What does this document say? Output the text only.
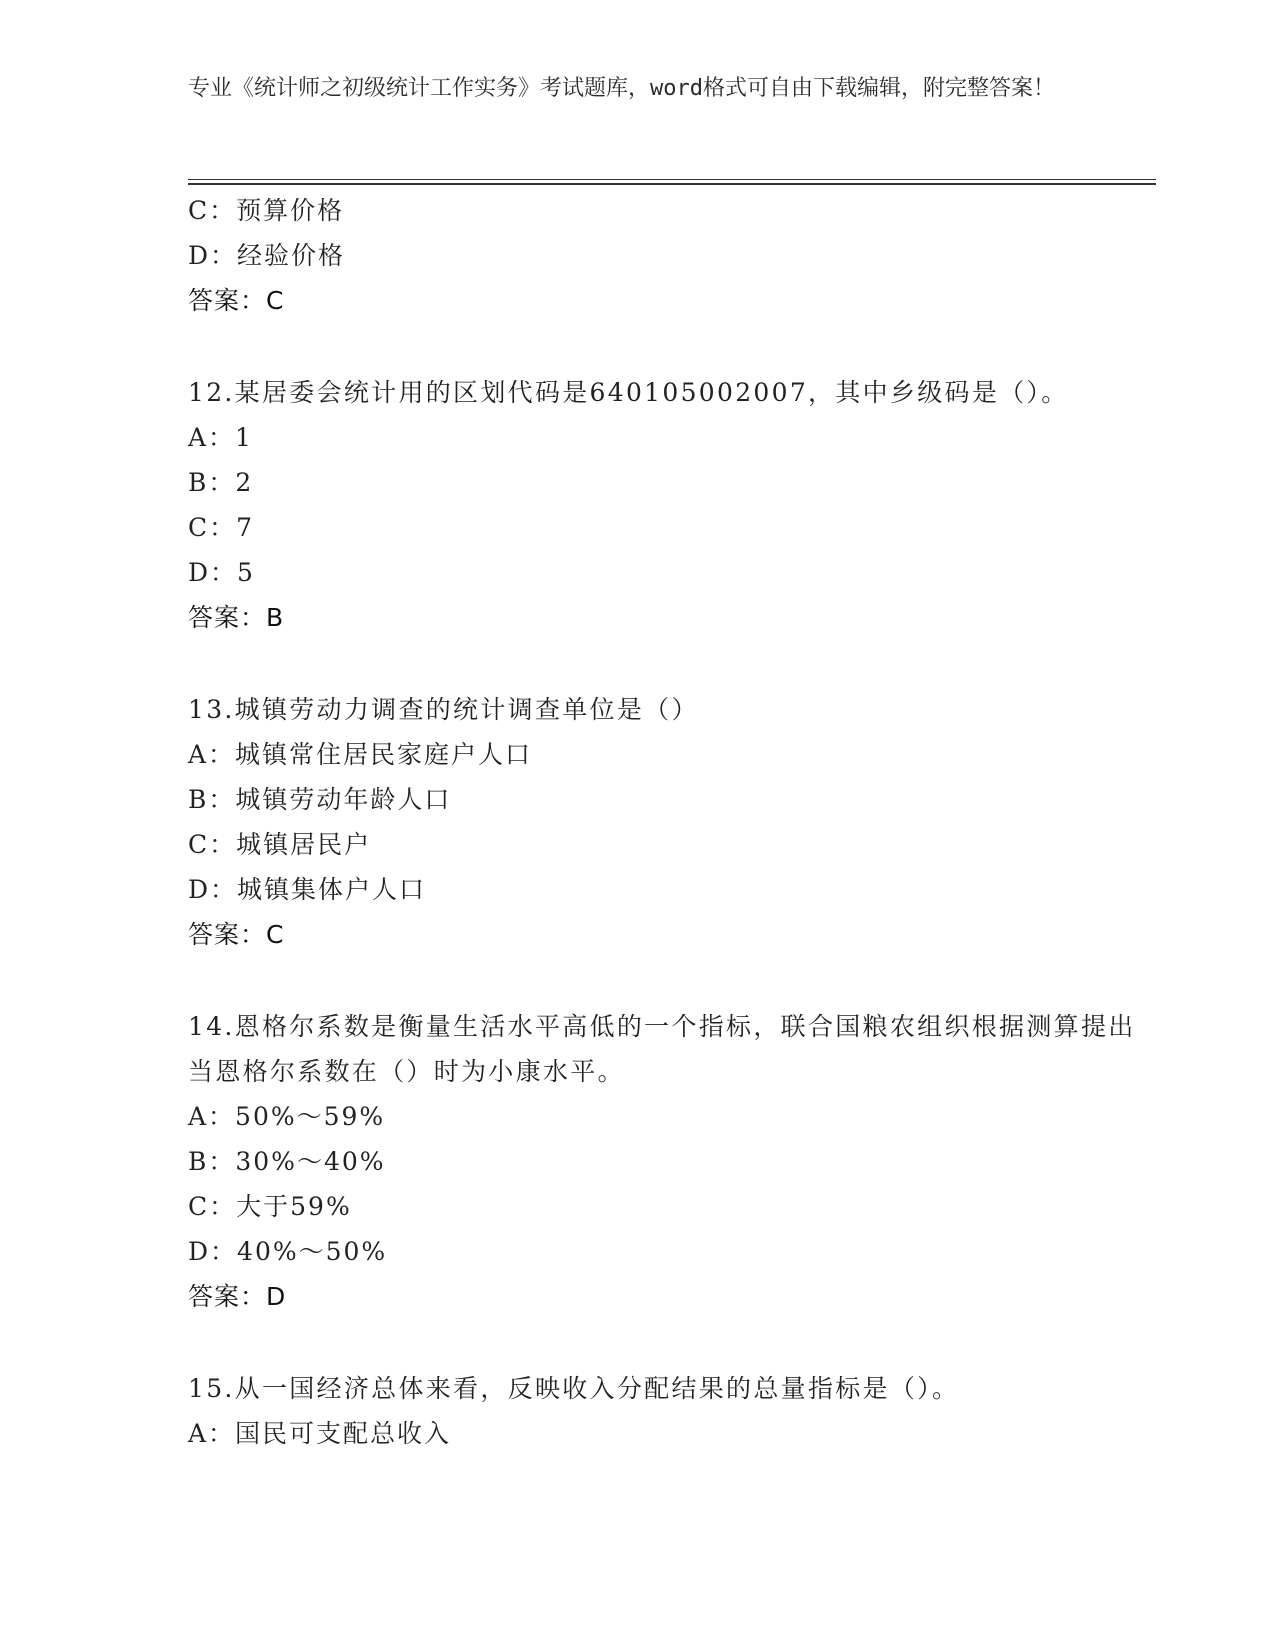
专业《统计师之初级统计工作实务》考试题库，word格式可自由下载编辑，附完整答案！
C：预算价格
D：经验价格
答案：C
12.某居委会统计用的区划代码是640105002007，其中乡级码是（）。
A：1
B：2
C：7
D：5
答案：B
13.城镇劳动力调查的统计调查单位是（）
A：城镇常住居民家庭户人口
B：城镇劳动年龄人口
C：城镇居民户
D：城镇集体户人口
答案：C
14.恩格尔系数是衡量生活水平高低的一个指标，联合国粮农组织根据测算提出当恩格尔系数在（）时为小康水平。
A：50%～59%
B：30%～40%
C：大于59%
D：40%～50%
答案：D
15.从一国经济总体来看，反映收入分配结果的总量指标是（）。
A：国民可支配总收入
